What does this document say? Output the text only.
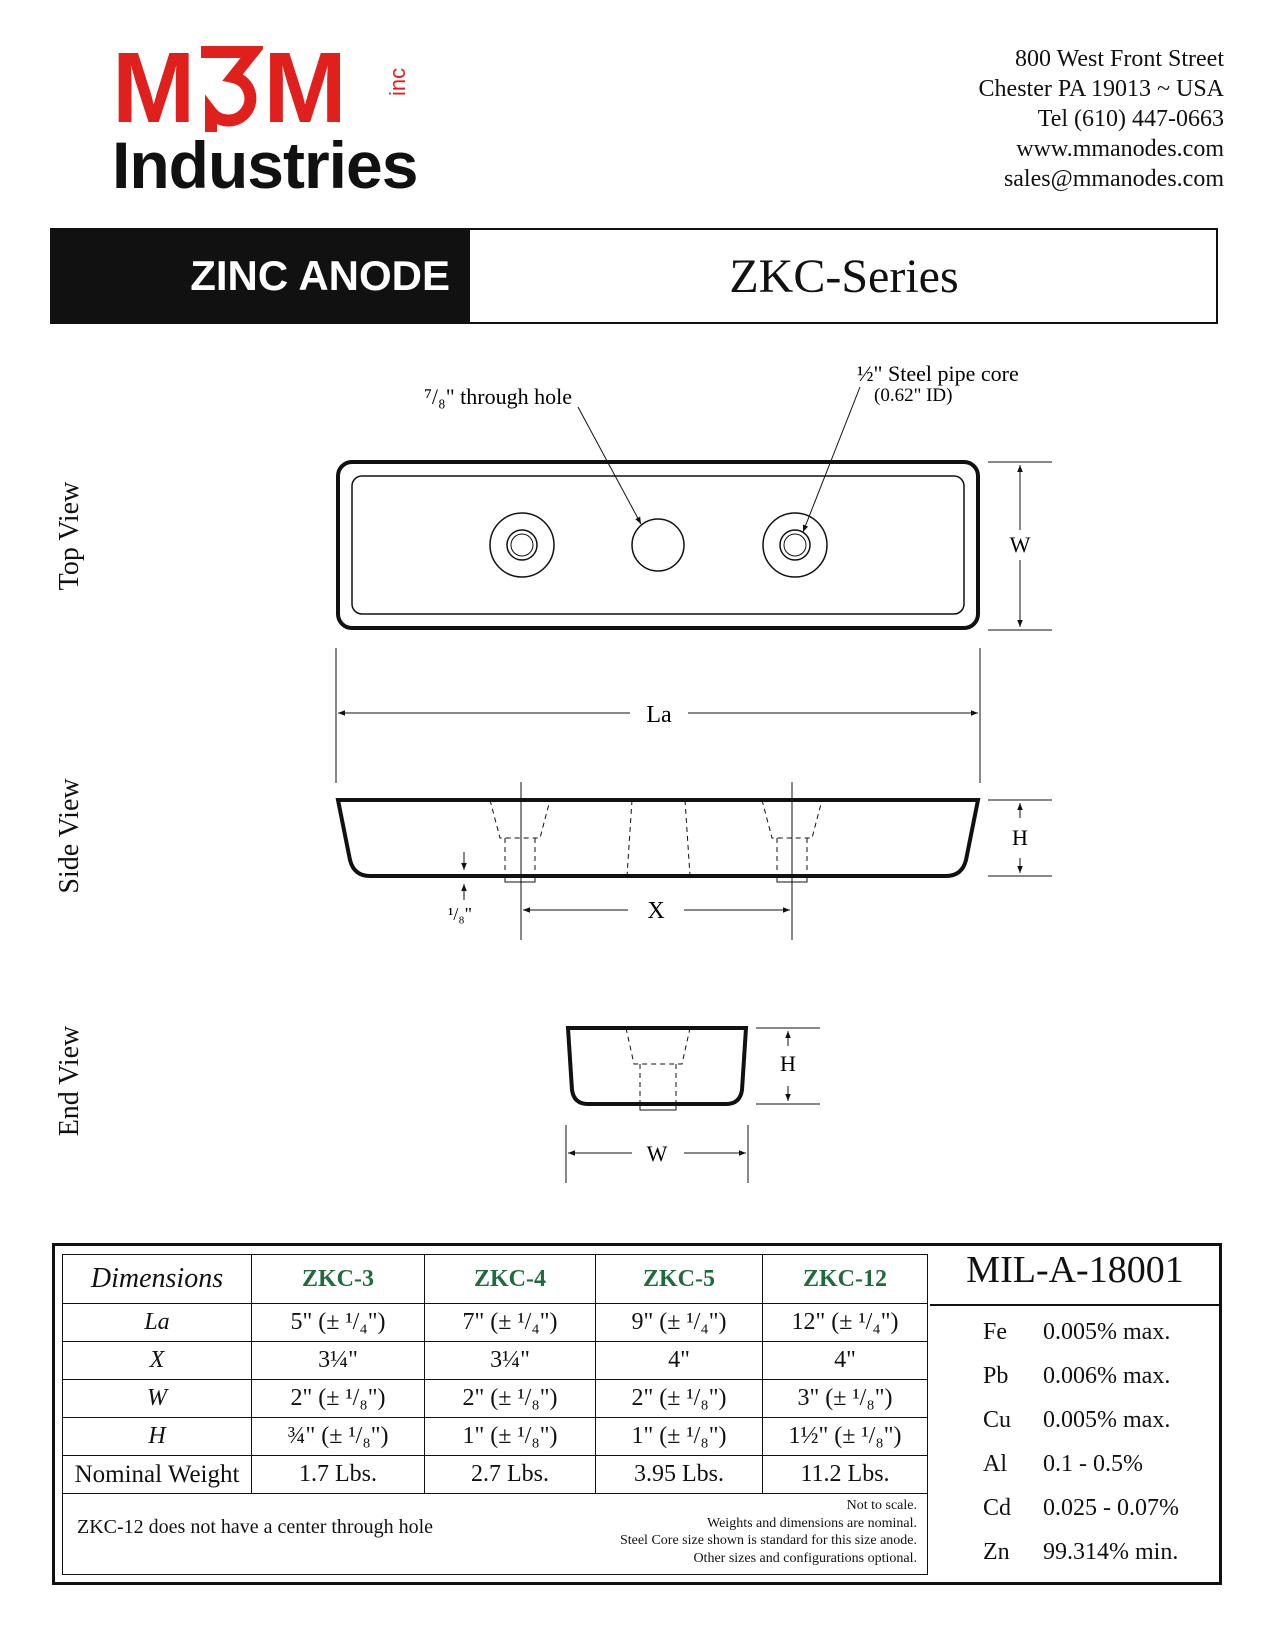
M M
Industries
inc
800 West Front Street
Chester PA 19013 ~ USA
Tel (610) 447-0663
www.mmanodes.com
sales@mmanodes.com
ZINC ANODE	ZKC-Series
Top View
Side View
End View
⁷/₈" through hole
½" Steel pipe core
(0.62" ID)
W
La
X
H
¹/₈"
H
W
Dimensions	ZKC-3	ZKC-4	ZKC-5	ZKC-12
La	5" (± ¹/₄")	7" (± ¹/₄")	9" (± ¹/₄")	12" (± ¹/₄")
X	3¼"	3¼"	4"	4"
W	2" (± ¹/₈")	2" (± ¹/₈")	2" (± ¹/₈")	3" (± ¹/₈")
H	¾" (± ¹/₈")	1" (± ¹/₈")	1" (± ¹/₈")	1½" (± ¹/₈")
Nominal Weight	1.7 Lbs.	2.7 Lbs.	3.95 Lbs.	11.2 Lbs.

ZKC-12 does not have a center through hole
Not to scale.
Weights and dimensions are nominal.
Steel Core size shown is standard for this size anode.
Other sizes and configurations optional.				
MIL-A-18001
Fe 0.005% max.
Pb 0.006% max.
Cu 0.005% max.
Al 0.1 - 0.5%
Cd 0.025 - 0.07%
Zn 99.314% min.
